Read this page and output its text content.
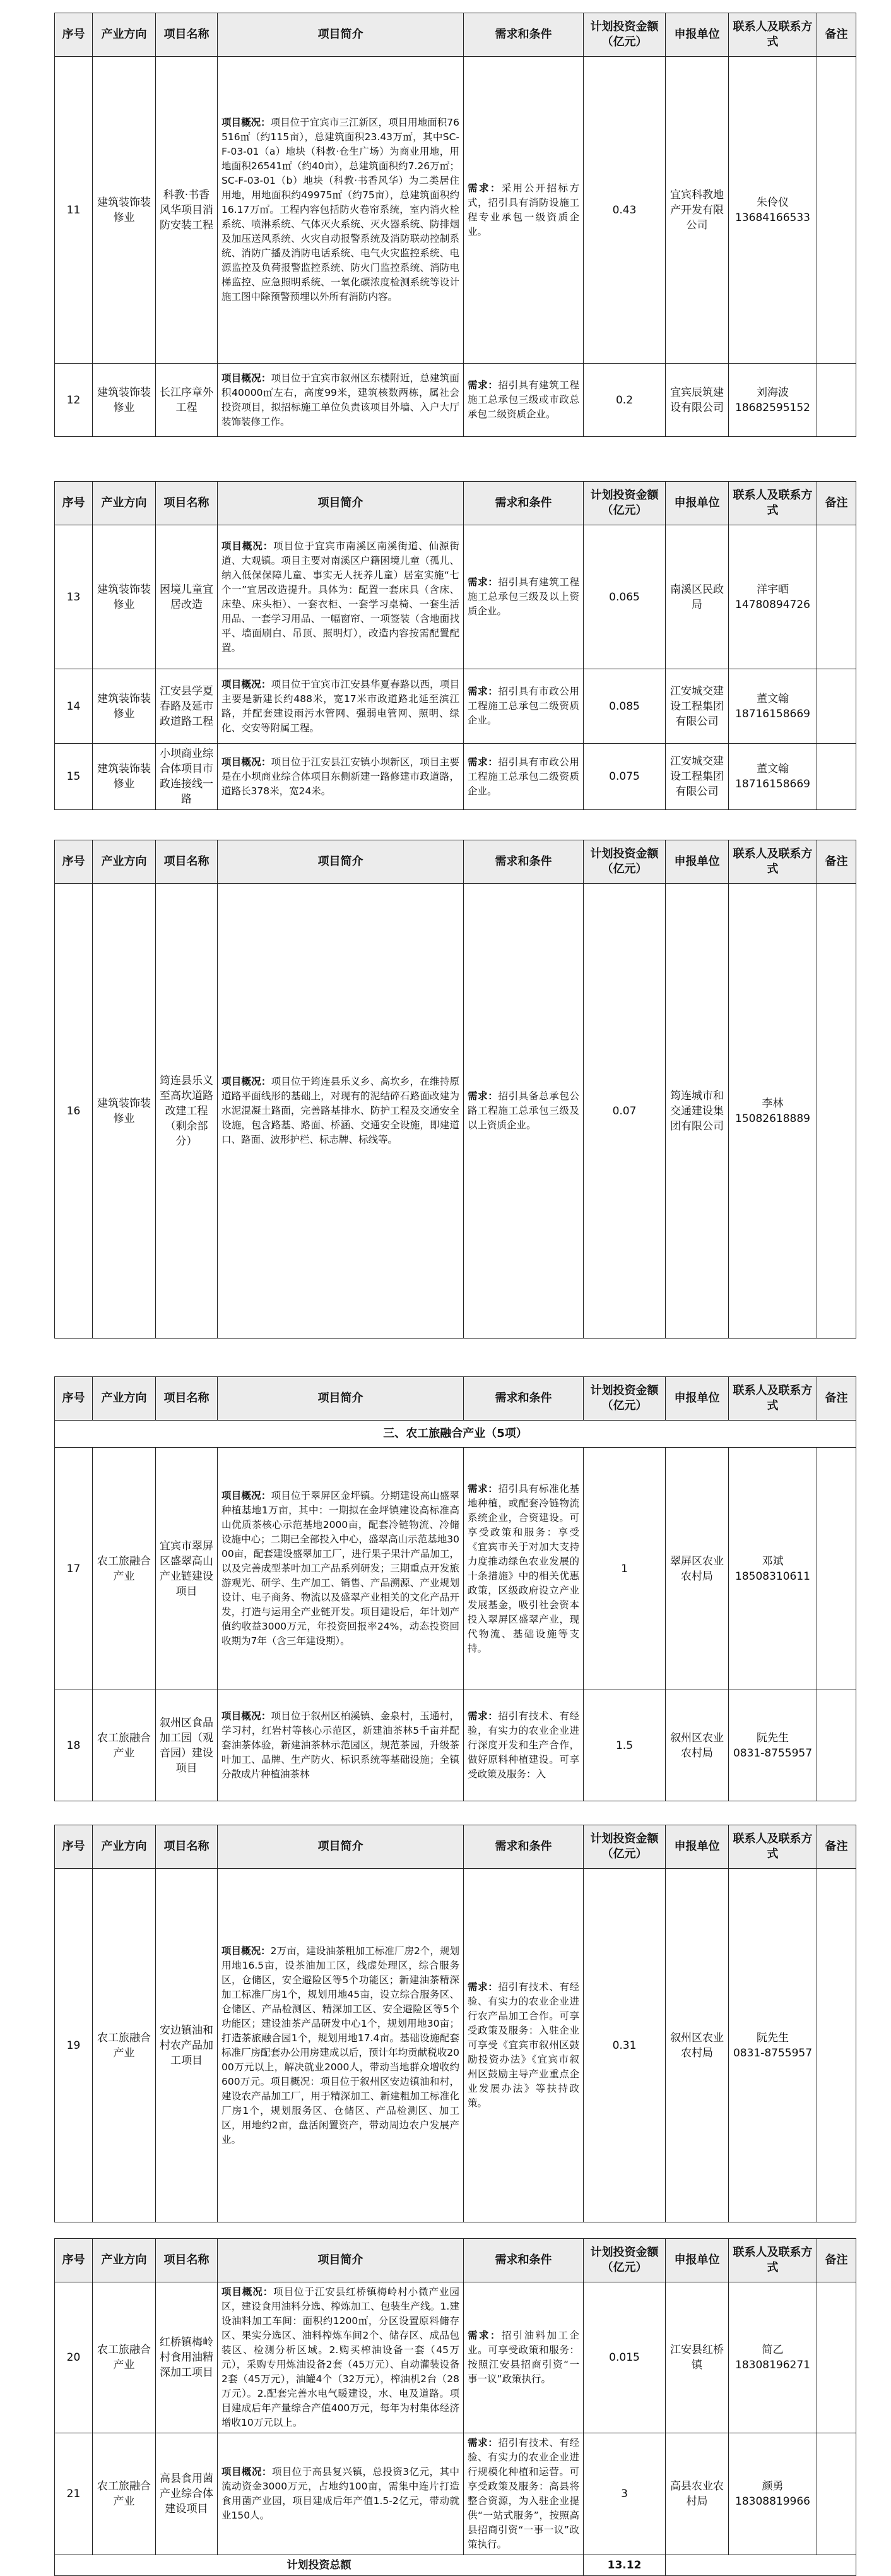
序号	产业方向	项目名称	项目简介	需求和条件	计划投资金额（亿元）	申报单位	联系人及联系方式	备注
11	建筑装饰装修业	科教·书香风华项目消防安装工程	项目概况：项目位于宜宾市三江新区，项目用地面积76516㎡（约115亩），总建筑面积23.43万㎡，其中SC-F-03-01（a）地块（科教·仓生广场）为商业用地，用地面积26541㎡（约40亩），总建筑面积约7.26万㎡；SC-F-03-01（b）地块（科教·书香风华）为二类居住用地，用地面积约49975㎡（约75亩），总建筑面积约16.17万㎡。工程内容包括防火卷帘系统，室内消火栓系统、喷淋系统、气体灭火系统、灭火器系统、防排烟及加压送风系统、火灾自动报警系统及消防联动控制系统、消防广播及消防电话系统、电气火灾监控系统、电源监控及负荷报警监控系统、防火门监控系统、消防电梯监控、应急照明系统、一氧化碳浓度检测系统等设计施工图中除预警预埋以外所有消防内容。	需求：采用公开招标方式，招引具有消防设施工程专业承包一级资质企业。	0.43	宜宾科教地产开发有限公司	朱伶仪
13684166533	

12	建筑装饰装修业	长江序章外工程	项目概况：项目位于宜宾市叙州区东楼附近，总建筑面积40000㎡左右，高度99米，建筑核数两栋，属社会投资项目，拟招标施工单位负责该项目外墙、入户大厅装饰装修工作。	需求：招引具有建筑工程施工总承包三级或市政总承包二级资质企业。	0.2	宜宾辰筑建设有限公司	刘海波
18682595152	

序号	产业方向	项目名称	项目简介	需求和条件	计划投资金额（亿元）	申报单位	联系人及联系方式	备注
13	建筑装饰装修业	困境儿童宜居改造	项目概况：项目位于宜宾市南溪区南溪街道、仙源街道、大观镇。项目主要对南溪区户籍困境儿童（孤儿、纳入低保保障儿童、事实无人抚养儿童）居室实施“七个一”宜居改造提升。具体为：配置一套床具（含床、床垫、床头柜）、一套衣柜、一套学习桌椅、一套生活用品、一套学习用品、一幅窗帘、一项签装（含地面找平、墙面刷白、吊顶、照明灯），改造内容按需配置配置。	需求：招引具有建筑工程施工总承包三级及以上资质企业。	0.065	南溪区民政局	洋宇晒
14780894726	

14	建筑装饰装修业	江安县学夏春路及延市政道路工程	项目概况：项目位于宜宾市江安县华夏春路以西，项目主要是新建长约488米，宽17米市政道路北延至滨江路，并配套建设雨污水管网、强弱电管网、照明、绿化、交安等附属工程。	需求：招引具有市政公用工程施工总承包二级资质企业。	0.085	江安城交建设工程集团有限公司	董文翰
18716158669	

15	建筑装饰装修业	小坝商业综合体项目市政连接线一路	项目概况：项目位于江安县江安镇小坝新区，项目主要是在小坝商业综合体项目东侧新建一路修建市政道路，道路长378米，宽24米。	需求：招引具有市政公用工程施工总承包二级资质企业。	0.075	江安城交建设工程集团有限公司	董文翰
18716158669	

序号	产业方向	项目名称	项目简介	需求和条件	计划投资金额（亿元）	申报单位	联系人及联系方式	备注
16	建筑装饰装修业	筠连县乐义至高坎道路改建工程（剩余部分）	项目概况：项目位于筠连县乐义乡、高坎乡，在维持原道路平面线形的基础上，对现有的泥结碎石路面改建为水泥混凝土路面，完善路基排水、防护工程及交通安全设施，包含路基、路面、桥涵、交通安全设施，即建道口、路面、波形护栏、标志牌、标线等。	需求：招引具备总承包公路工程施工总承包三级及以上资质企业。	0.07	筠连城市和交通建设集团有限公司	李林
15082618889	

序号	产业方向	项目名称	项目简介	需求和条件	计划投资金额（亿元）	申报单位	联系人及联系方式	备注
三、农工旅融合产业（5项）								
17	农工旅融合产业	宜宾市翠屏区盛翠高山产业链建设项目	项目概况：项目位于翠屏区金坪镇。分期建设高山盛翠种植基地1万亩，其中：一期拟在金坪镇建设高标准高山优质茶核心示范基地2000亩，配套冷链物流、冷储设施中心；二期已全部投入中心，盛翠高山示范基地3000亩，配套建设盛翠加工厂，进行果子果汁产品加工，以及完善成型茶叶加工产品系列研发；三期重点开发旅游观光、研学、生产加工、销售、产品溯源、产业规划设计、电子商务、物流以及盛翠产业相关的文化产品开发，打造与运用全产业链开发。项目建设后，年计划产值约收益3000万元，年投资回报率24%，动态投资回收期为7年（含三年建设期）。	需求：招引具有标准化基地种植，或配套冷链物流系统企业，合资建设。可享受政策和服务：享受《宜宾市关于对加大支持力度推动绿色农业发展的十条措施》中的相关优惠政策，区级政府设立产业发展基金，吸引社会资本投入翠屏区盛翠产业，现代物流、基础设施等支持。	1	翠屏区农业农村局	邓斌
18508310611	

18	农工旅融合产业	叙州区食品加工园（观音园）建设项目	项目概况：项目位于叙州区柏溪镇、金泉村，玉通村，学习村，红岩村等核心示范区，新建油茶林5千亩并配套油茶体验，新建油茶林示范园区，规范茶园，升级茶叶加工、品牌、生产防火、标识系统等基础设施；全镇分散成片种植油茶林	需求：招引有技术、有经验，有实力的农业企业进行深度开发和生产合作，做好原料种植建设。可享受政策及服务：入	1.5	叙州区农业农村局	阮先生
0831-8755957	

序号	产业方向	项目名称	项目简介	需求和条件	计划投资金额（亿元）	申报单位	联系人及联系方式	备注
19	农工旅融合产业	安边镇油和村农产品加工项目	项目概况：2万亩，建设油茶粗加工标准厂房2个，规划用地16.5亩，设茶油加工区，线虚处理区，综合服务区，仓储区，安全避险区等5个功能区；新建油茶精深加工标准厂房1个，规划用地45亩，设立综合服务区、仓储区、产品检测区、精深加工区、安全避险区等5个功能区；建设油茶产品研发中心1个，规划用地30亩；打造茶旅融合园1个，规划用地17.4亩。基础设施配套标准厂房配套办公用房建成以后，预计年均贡献税收2000万元以上，解决就业2000人，带动当地群众增收约600万元。项目概况：项目位于叙州区安边镇油和村，建设农产品加工厂，用于精深加工、新建粗加工标准化厂房1个，规划服务区、仓储区、产品检测区、加工区，用地约2亩，盘活闲置资产，带动周边农户发展产业。	需求：招引有技术、有经验、有实力的农业企业进行农产品加工合作。可享受政策及服务：入驻企业可享受《宜宾市叙州区鼓励投资办法》《宜宾市叙州区鼓励主导产业重点企业发展办法》等扶持政策。	0.31	叙州区农业农村局	阮先生
0831-8755957	

序号	产业方向	项目名称	项目简介	需求和条件	计划投资金额（亿元）	申报单位	联系人及联系方式	备注
20	农工旅融合产业	红桥镇梅岭村食用油精深加工项目	项目概况：项目位于江安县红桥镇梅岭村小微产业园区，建设食用油料分选、榨炼加工、包装生产线。1.建设油料加工车间：面积约1200㎡，分区设置原料储存区、果实分选区、油料榨炼车间2个、储存区、成品包装区、检测分析区域。2.购买榨油设备一套（45万元），采购专用炼油设备2套（45万元）、自动灌装设备2套（45万元），油罐4个（32万元），榨油机2台（28万元）。2.配套完善水电气暖建设，水、电及道路。项目建成后年产量综合产值400万元，每年为村集体经济增收10万元以上。	需求：招引油料加工企业。可享受政策和服务：按照江安县招商引资“一事一议”政策执行。	0.015	江安县红桥镇	简乙
18308196271	

21	农工旅融合产业	高县食用菌产业综合体建设项目	项目概况：项目位于高县复兴镇，总投资3亿元，其中流动资金3000万元，占地约100亩，需集中连片打造食用菌产业园，项目建成后年产值1.5-2亿元，带动就业150人。	需求：招引有技术、有经验、有实力的农业企业进行规模化种植和运营。可享受政策及服务：高县将整合资源，为入驻企业提供“一站式服务”，按照高县招商引资“一事一议”政策执行。	3	高县农业农村局	颜勇
18308819966	

计划投资总额					13.12			
